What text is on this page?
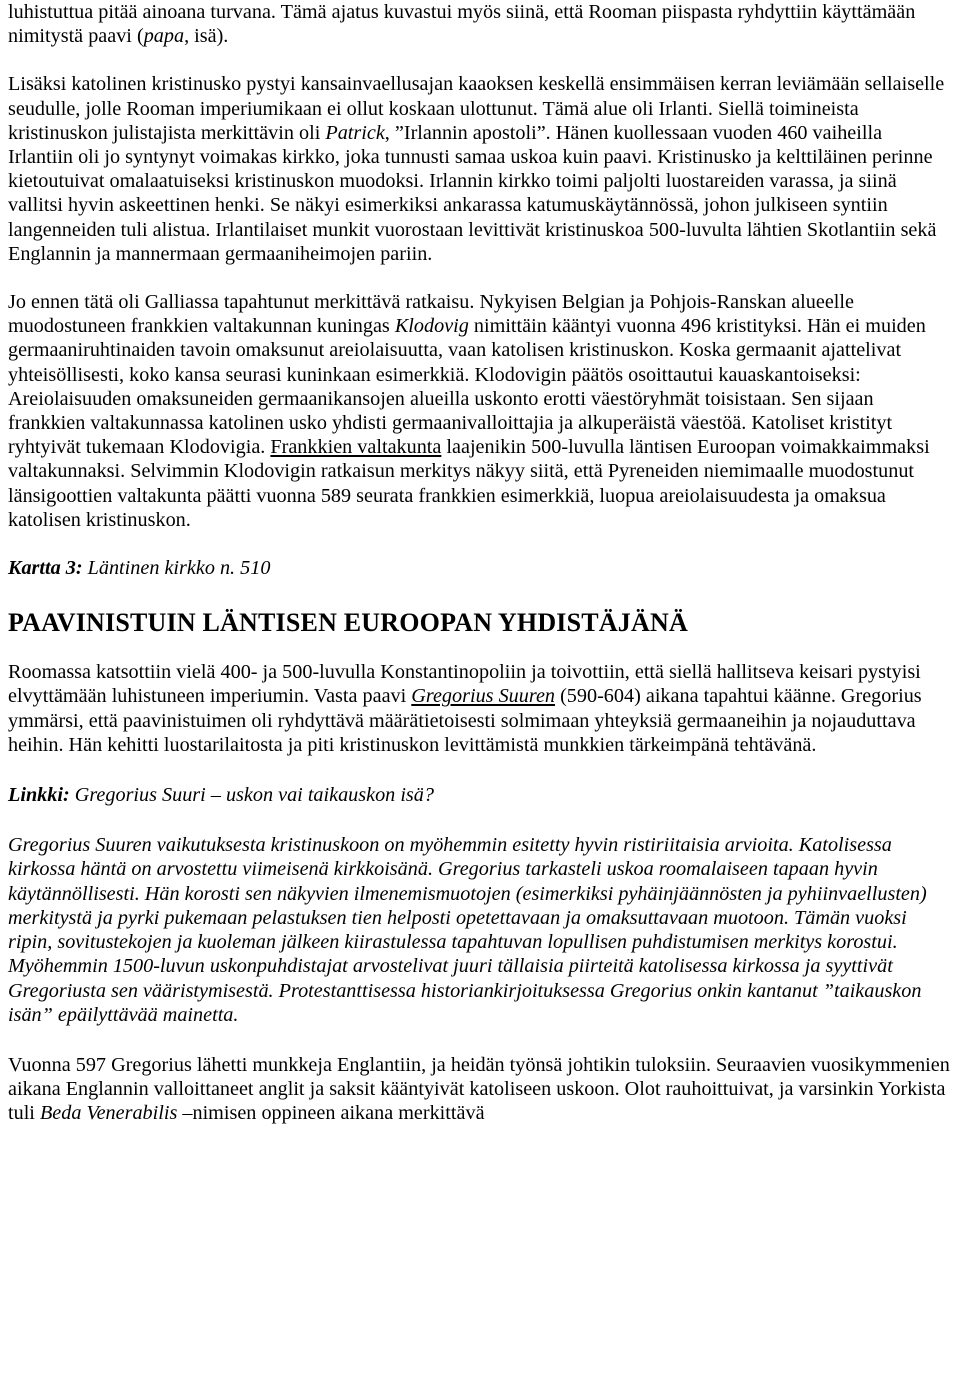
luhistuttua pitää ainoana turvana. Tämä ajatus kuvastui myös siinä, että Rooman piispasta ryhdyttiin käyttämään nimitystä paavi (papa, isä).

Lisäksi katolinen kristinusko pystyi kansainvaellusajan kaaoksen keskellä ensimmäisen kerran leviämään sellaiselle seudulle, jolle Rooman imperiumikaan ei ollut koskaan ulottunut. Tämä alue oli Irlanti. Siellä toimineista kristinuskon julistajista merkittävin oli Patrick, ”Irlannin apostoli”. Hänen kuollessaan vuoden 460 vaiheilla Irlantiin oli jo syntynyt voimakas kirkko, joka tunnusti samaa uskoa kuin paavi. Kristinusko ja kelttiläinen perinne kietoutuivat omalaatuiseksi kristinuskon muodoksi. Irlannin kirkko toimi paljolti luostareiden varassa, ja siinä vallitsi hyvin askeettinen henki. Se näkyi esimerkiksi ankarassa katumuskäytännössä, johon julkiseen syntiin langenneiden tuli alistua. Irlantilaiset munkit vuorostaan levittivät kristinuskoa 500-luvulta lähtien Skotlantiin sekä Englannin ja mannermaan germaaniheimojen pariin.

Jo ennen tätä oli Galliassa tapahtunut merkittävä ratkaisu. Nykyisen Belgian ja Pohjois-Ranskan alueelle muodostuneen frankkien valtakunnan kuningas Klodovig nimittäin kääntyi vuonna 496 kristityksi. Hän ei muiden germaaniruhtinaiden tavoin omaksunut areiolaisuutta, vaan katolisen kristinuskon. Koska germaanit ajattelivat yhteisöllisesti, koko kansa seurasi kuninkaan esimerkkiä. Klodovigin päätös osoittautui kauaskantoiseksi: Areiolaisuuden omaksuneiden germaanikansojen alueilla uskonto erotti väestöryhmät toisistaan. Sen sijaan frankkien valtakunnassa katolinen usko yhdisti germaanivalloittajia ja alkuperäistä väestöä. Katoliset kristityt ryhtyivät tukemaan Klodovigia. Frankkien valtakunta laajenikin 500-luvulla läntisen Euroopan voimakkaimmaksi valtakunnaksi. Selvimmin Klodovigin ratkaisun merkitys näkyy siitä, että Pyreneiden niemimaalle muodostunut länsigoottien valtakunta päätti vuonna 589 seurata frankkien esimerkkiä, luopua areiolaisuudesta ja omaksua katolisen kristinuskon.

Kartta 3: Läntinen kirkko n. 510

PAAVINISTUIN LÄNTISEN EUROOPAN YHDISTÄJÄNÄ

Roomassa katsottiin vielä 400- ja 500-luvulla Konstantinopoliin ja toivottiin, että siellä hallitseva keisari pystyisi elvyttämään luhistuneen imperiumin. Vasta paavi Gregorius Suuren (590-604) aikana tapahtui käänne. Gregorius ymmärsi, että paavinistuimen oli ryhdyttävä määrätietoisesti solmimaan yhteyksiä germaaneihin ja nojauduttava heihin. Hän kehitti luostarilaitosta ja piti kristinuskon levittämistä munkkien tärkeimpänä tehtävänä.

Linkki: Gregorius Suuri – uskon vai taikauskon isä?

Gregorius Suuren vaikutuksesta kristinuskoon on myöhemmin esitetty hyvin ristiriitaisia arvioita. Katolisessa kirkossa häntä on arvostettu viimeisenä kirkkoisänä. Gregorius tarkasteli uskoa roomalaiseen tapaan hyvin käytännöllisesti. Hän korosti sen näkyvien ilmenemismuotojen (esimerkiksi pyhäinjäännösten ja pyhiinvaellusten) merkitystä ja pyrki pukemaan pelastuksen tien helposti opetettavaan ja omaksuttavaan muotoon. Tämän vuoksi ripin, sovitustekojen ja kuoleman jälkeen kiirastulessa tapahtuvan lopullisen puhdistumisen merkitys korostui. Myöhemmin 1500-luvun uskonpuhdistajat arvostelivat juuri tällaisia piirteitä katolisessa kirkossa ja syyttivät Gregoriusta sen vääristymisestä. Protestanttisessa historiankirjoituksessa Gregorius onkin kantanut ”taikauskon isän” epäilyttävää mainetta.

Vuonna 597 Gregorius lähetti munkkeja Englantiin, ja heidän työnsä johtikin tuloksiin. Seuraavien vuosikymmenien aikana Englannin valloittaneet anglit ja saksit kääntyivät katoliseen uskoon. Olot rauhoittuivat, ja varsinkin Yorkista tuli Beda Venerabilis –nimisen oppineen aikana merkittävä
